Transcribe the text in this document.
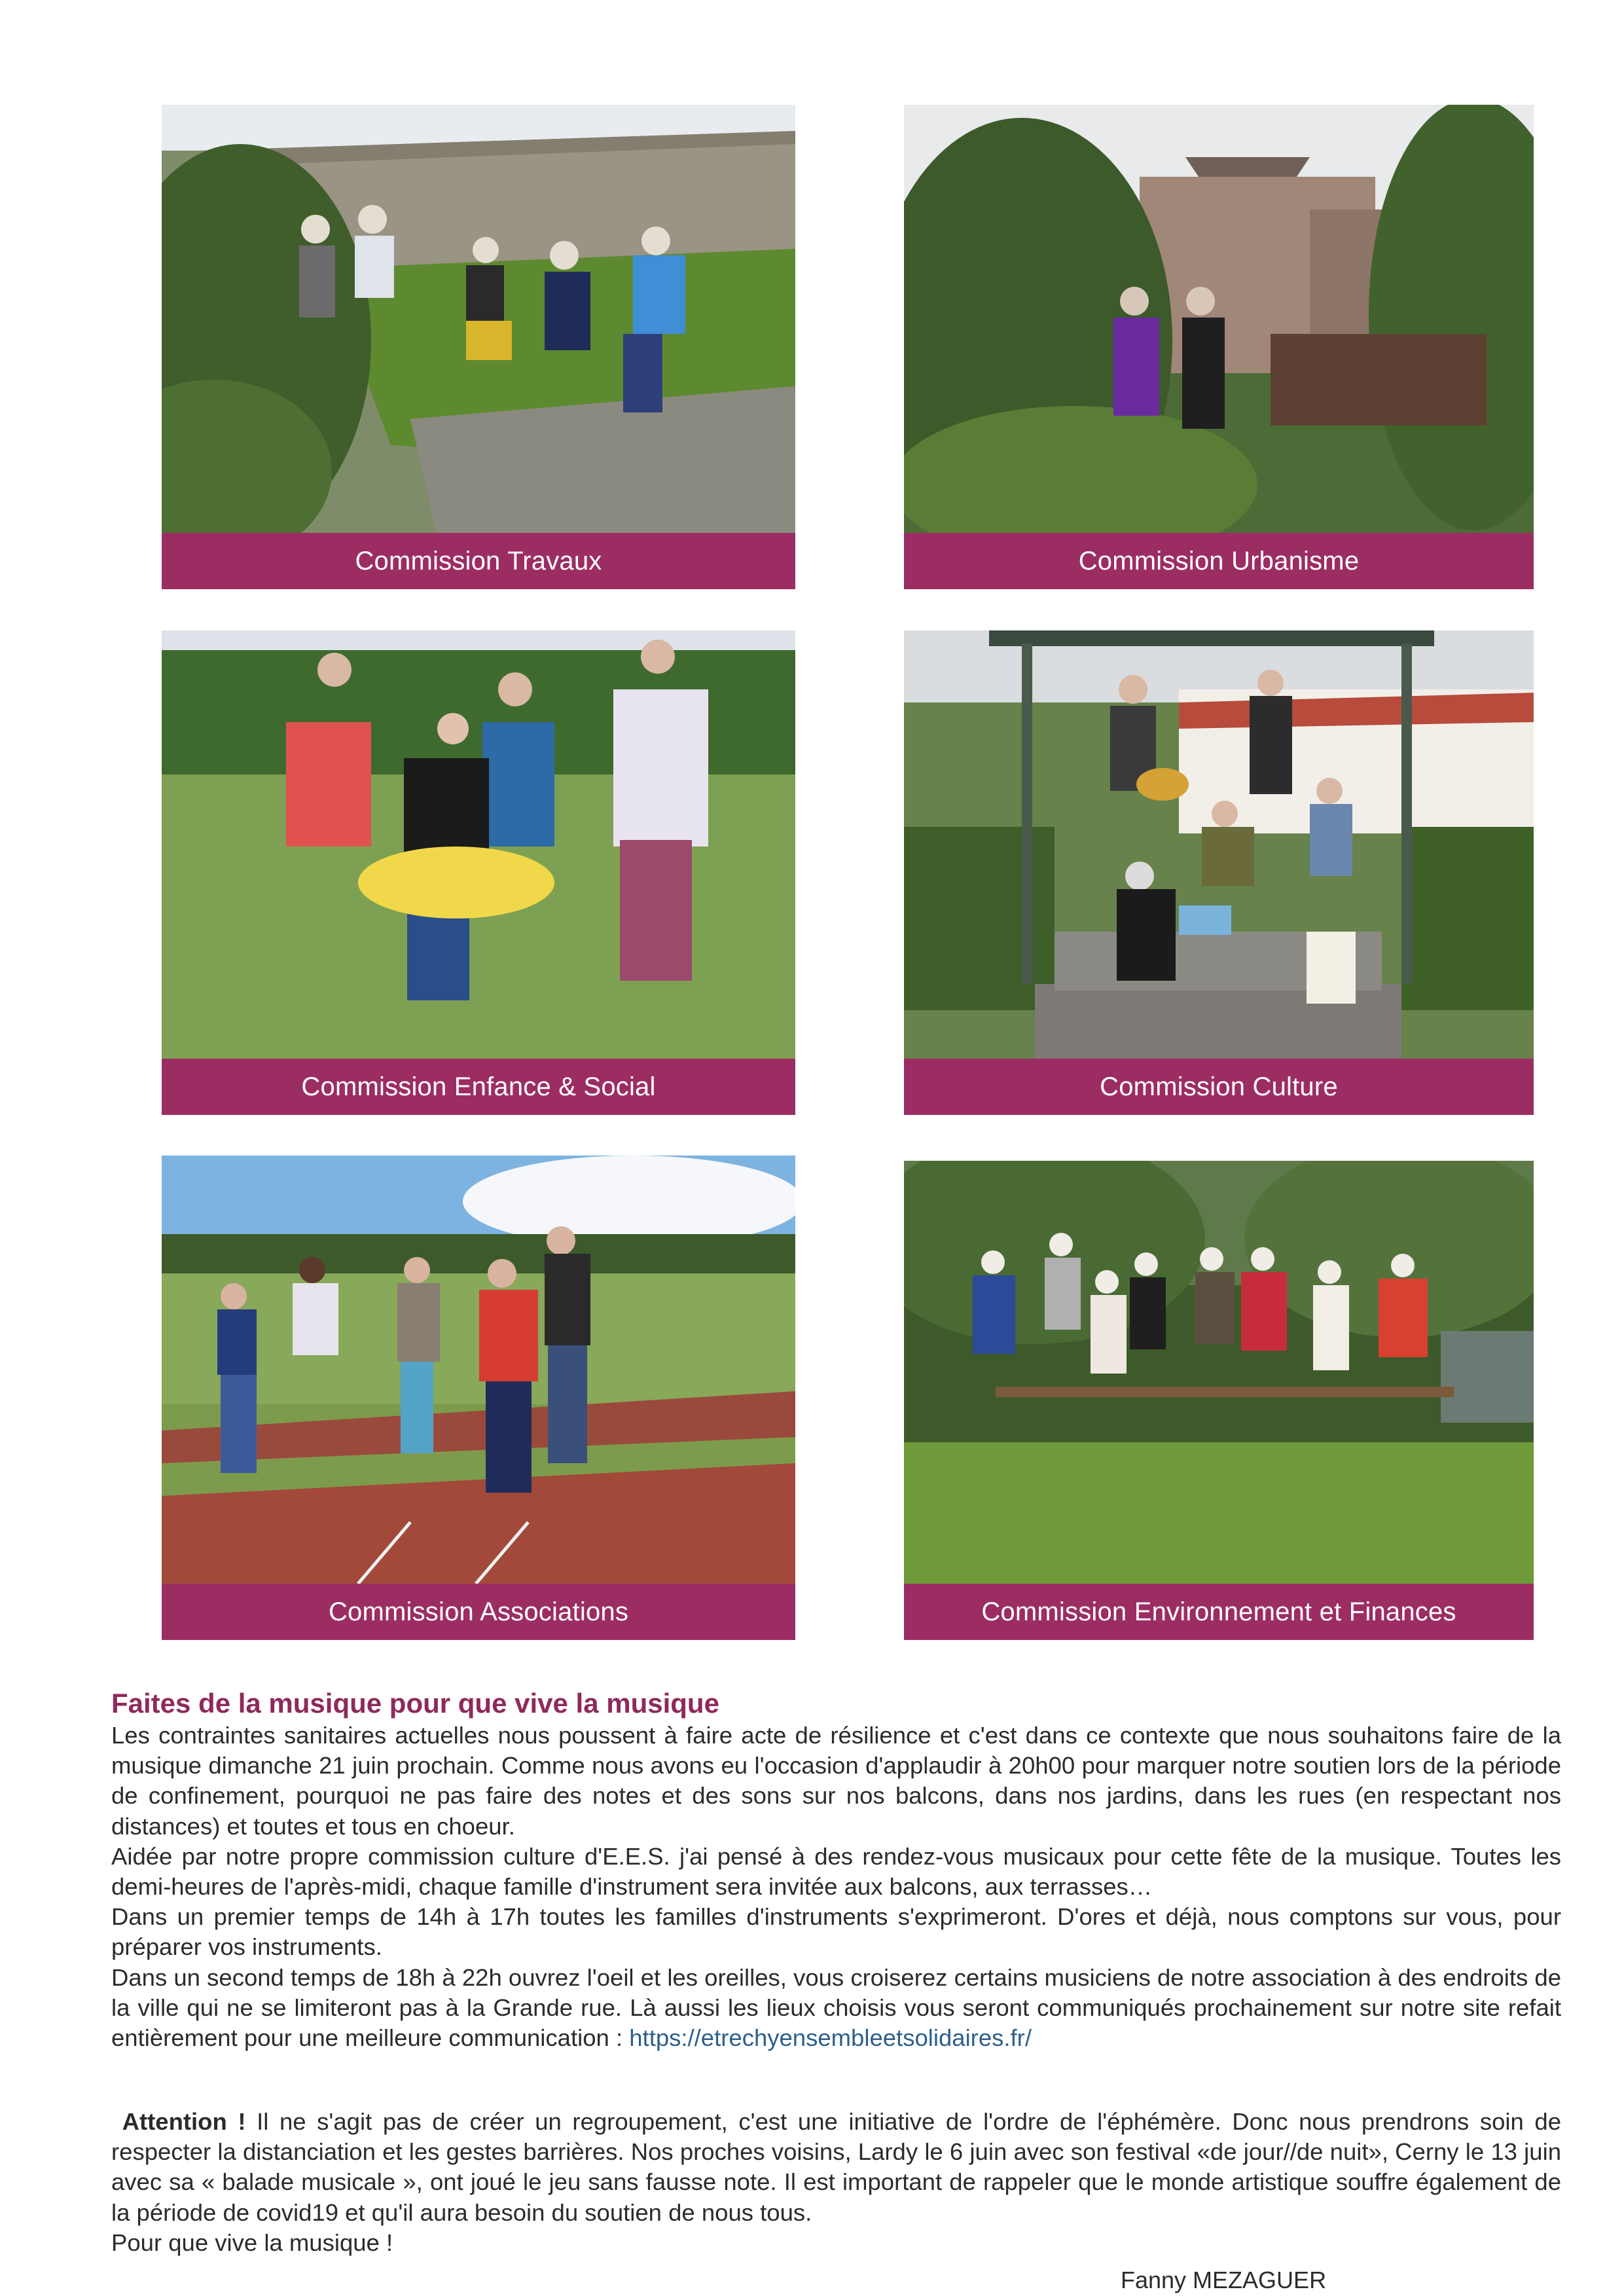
Commission Travaux	Commission Urbanisme
Commission Enfance & Social	Commission Culture
Commission Associations	Commission Environnement et Finances
Faites de la musique pour que vive la musique

Les contraintes sanitaires actuelles nous poussent à faire acte de résilience et c'est dans ce contexte que nous souhaitons faire de la musique dimanche 21 juin prochain. Comme nous avons eu l'occasion d'applaudir à 20h00 pour marquer notre soutien lors de la période de confinement, pourquoi ne pas faire des notes et des sons sur nos balcons, dans nos jardins, dans les rues (en respectant nos distances) et toutes et tous en choeur.

Aidée par notre propre commission culture d'E.E.S. j'ai pensé à des rendez-vous musicaux pour cette fête de la musique. Toutes les demi-heures de l'après-midi, chaque famille d'instrument sera invitée aux balcons, aux terrasses…

Dans un premier temps de 14h à 17h toutes les familles d'instruments s'exprimeront. D'ores et déjà, nous comptons sur vous, pour préparer vos instruments.

Dans un second temps de 18h à 22h ouvrez l'oeil et les oreilles, vous croiserez certains musiciens de notre association à des endroits de la ville qui ne se limiteront pas à la Grande rue. Là aussi les lieux choisis vous seront communiqués prochainement sur notre site refait entièrement pour une meilleure communication : https://etrechyensembleetsolidaires.fr/

Attention ! Il ne s'agit pas de créer un regroupement, c'est une initiative de l'ordre de l'éphémère. Donc nous prendrons soin de respecter la distanciation et les gestes barrières. Nos proches voisins, Lardy le 6 juin avec son festival «de jour//de nuit», Cerny le 13 juin avec sa « balade musicale », ont joué le jeu sans fausse note. Il est important de rappeler que le monde artistique souffre également de la période de covid19 et qu'il aura besoin du soutien de nous tous.

Pour que vive la musique !

Fanny MEZAGUER
